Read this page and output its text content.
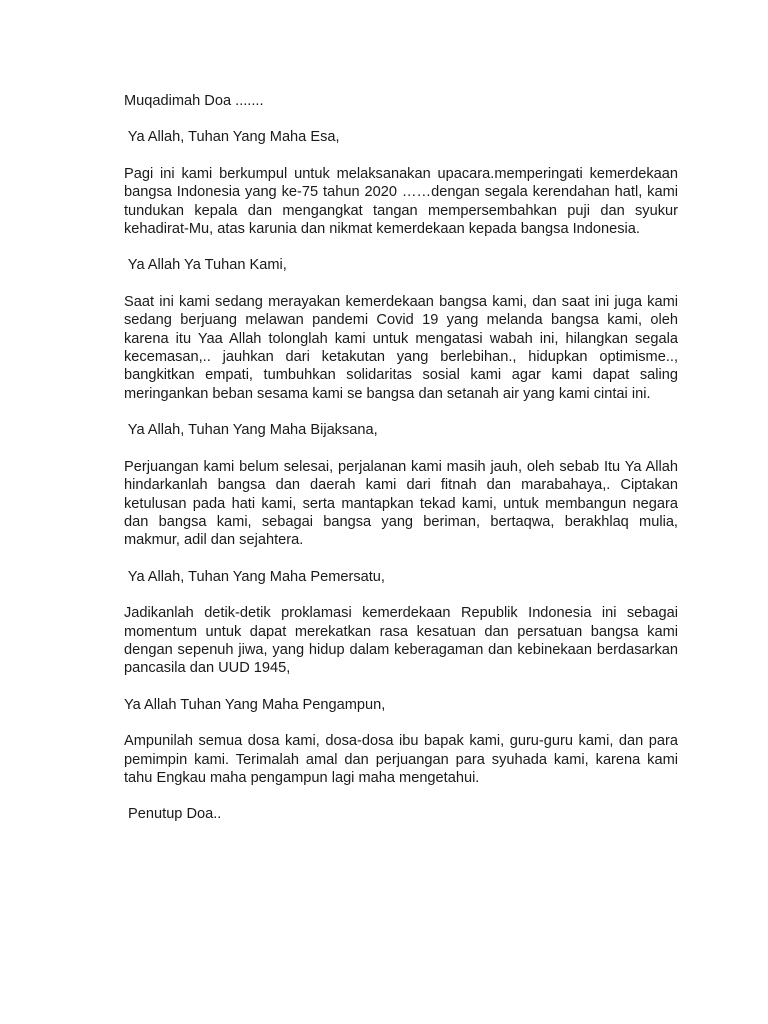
Muqadimah Doa .......

Ya Allah, Tuhan Yang Maha Esa,

Pagi ini kami berkumpul untuk melaksanakan upacara.memperingati kemerdekaan bangsa Indonesia yang ke-75 tahun 2020 ……dengan segala kerendahan hatl, kami tundukan kepala dan mengangkat tangan mempersembahkan puji dan syukur kehadirat-Mu, atas karunia dan nikmat kemerdekaan kepada bangsa Indonesia.

Ya Allah Ya Tuhan Kami,

Saat ini kami sedang merayakan kemerdekaan bangsa kami, dan saat ini juga kami sedang berjuang melawan pandemi Covid 19 yang melanda bangsa kami, oleh karena itu Yaa Allah tolonglah kami untuk mengatasi wabah ini, hilangkan segala kecemasan,.. jauhkan dari ketakutan yang berlebihan., hidupkan optimisme.., bangkitkan empati, tumbuhkan solidaritas sosial kami agar kami dapat saling meringankan beban sesama kami se bangsa dan setanah air yang kami cintai ini.

Ya Allah, Tuhan Yang Maha Bijaksana,

Perjuangan kami belum selesai, perjalanan kami masih jauh, oleh sebab Itu Ya Allah hindarkanlah bangsa dan daerah kami dari fitnah dan marabahaya,. Ciptakan ketulusan pada hati kami, serta mantapkan tekad kami, untuk membangun negara dan bangsa kami, sebagai bangsa yang beriman, bertaqwa, berakhlaq mulia, makmur, adil dan sejahtera.

Ya Allah, Tuhan Yang Maha Pemersatu,

Jadikanlah detik-detik proklamasi kemerdekaan Republik Indonesia ini sebagai momentum untuk dapat merekatkan rasa kesatuan dan persatuan bangsa kami dengan sepenuh jiwa, yang hidup dalam keberagaman dan kebinekaan berdasarkan pancasila dan UUD 1945,

Ya Allah Tuhan Yang Maha Pengampun,

Ampunilah semua dosa kami, dosa-dosa ibu bapak kami, guru-guru kami, dan para pemimpin kami. Terimalah amal dan perjuangan para syuhada kami, karena kami tahu Engkau maha pengampun lagi maha mengetahui.

Penutup Doa..
